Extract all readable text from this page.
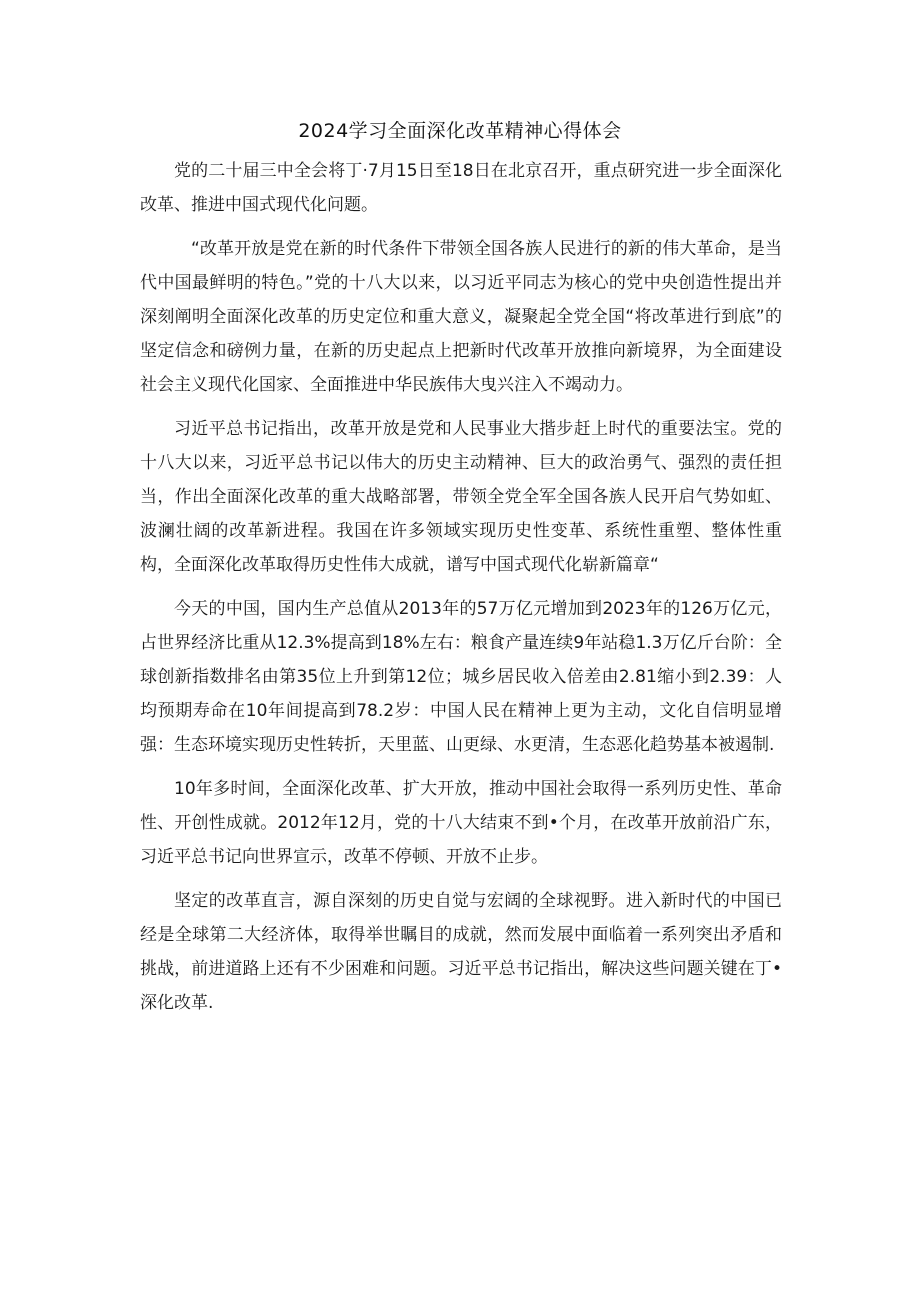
2024学习全面深化改革精神心得体会

党的二十届三中全会将丁·7月15日至18日在北京召开，重点研究进一步全面深化改革、推进中国式现代化问题。

“改革开放是党在新的时代条件下带领全国各族人民进行的新的伟大革命，是当代中国最鲜明的特色。”党的十八大以来，以习近平同志为核心的党中央创造性提出并深刻阐明全面深化改革的历史定位和重大意义，凝聚起全党全国“将改革进行到底”的坚定信念和磅例力量，在新的历史起点上把新时代改革开放推向新境界，为全面建设社会主义现代化国家、全面推进中华民族伟大曳兴注入不竭动力。

习近平总书记指出，改革开放是党和人民事业大揩步赶上时代的重要法宝。党的十八大以来，习近平总书记以伟大的历史主动精神、巨大的政治勇气、强烈的责任担当，作出全面深化改革的重大战略部署，带领全党全军全国各族人民开启气势如虹、波澜壮阔的改革新进程。我国在许多领域实现历史性变革、系统性重塑、整体性重构，全面深化改革取得历史性伟大成就，谱写中国式现代化崭新篇章“

今天的中国，国内生产总值从2013年的57万亿元增加到2023年的126万亿元，占世界经济比重从12.3%提高到18%左右：粮食产量连续9年站稳1.3万亿斤台阶：全球创新指数排名由第35位上升到第12位；城乡居民收入倍差由2.81缩小到2.39：人均预期寿命在10年间提高到78.2岁：中国人民在精神上更为主动，文化自信明显增强：生态环境实现历史性转折，天里蓝、山更绿、水更清，生态恶化趋势基本被遏制.

10年多时间，全面深化改革、扩大开放，推动中国社会取得一系列历史性、革命性、开创性成就。2012年12月，党的十八大结束不到•个月，在改革开放前沿广东，习近平总书记向世界宣示，改革不停顿、开放不止步。

坚定的改革直言，源自深刻的历史自觉与宏阔的全球视野。进入新时代的中国已经是全球第二大经济体，取得举世瞩目的成就，然而发展中面临着一系列突出矛盾和挑战，前进道路上还有不少困难和问题。习近平总书记指出，解决这些问题关键在丁•深化改革.
